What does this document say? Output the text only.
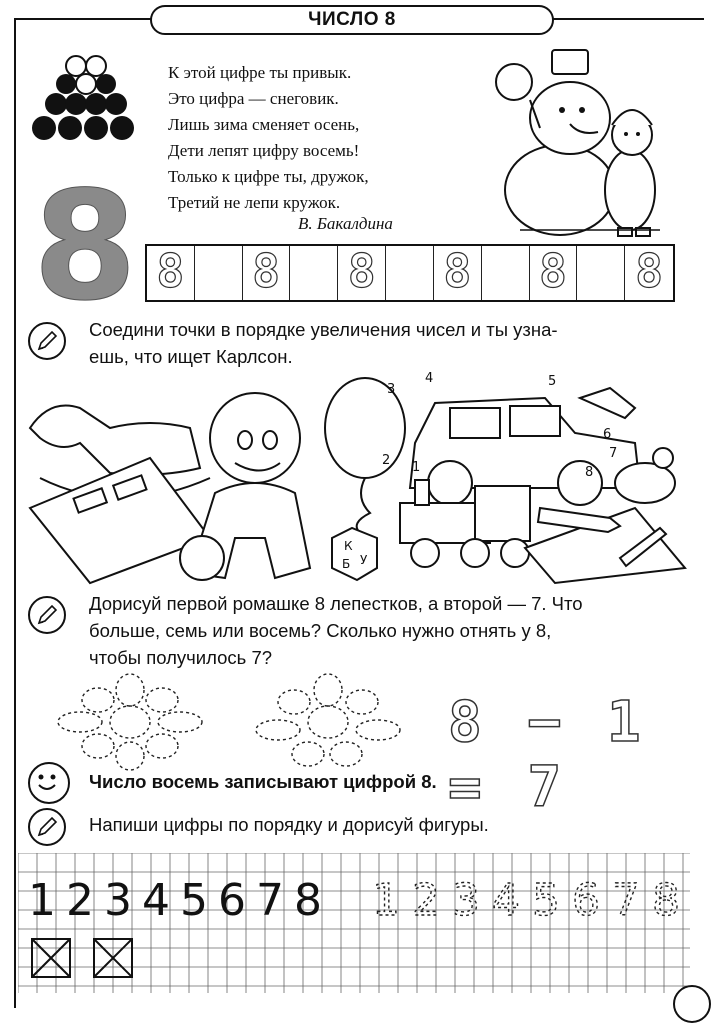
ЧИСЛО 8
К этой цифре ты привык.
Это цифра — снеговик.
Лишь зима сменяет осень,
Дети лепят цифру восемь!
Только к цифре ты, дружок,
Третий не лепи кружок.
В. Бакалдина
8 8 8 8 8 8 8
Соедини точки в порядке увеличения чисел и ты узна-
ешь, что ищет Карлсон.
1
2
3
4	5
6
7
8
К
У
Б
Дорисуй первой ромашке 8 лепестков, а второй — 7. Что
больше, семь или восемь? Сколько нужно отнять у 8,
чтобы получилось 7?
8 − 1 = 7
Число восемь записывают цифрой 8.
Напиши цифры по порядку и дорисуй фигуры.
1 2 3 4 5 6 7 8 1 2 3 4 5 6 7 8
